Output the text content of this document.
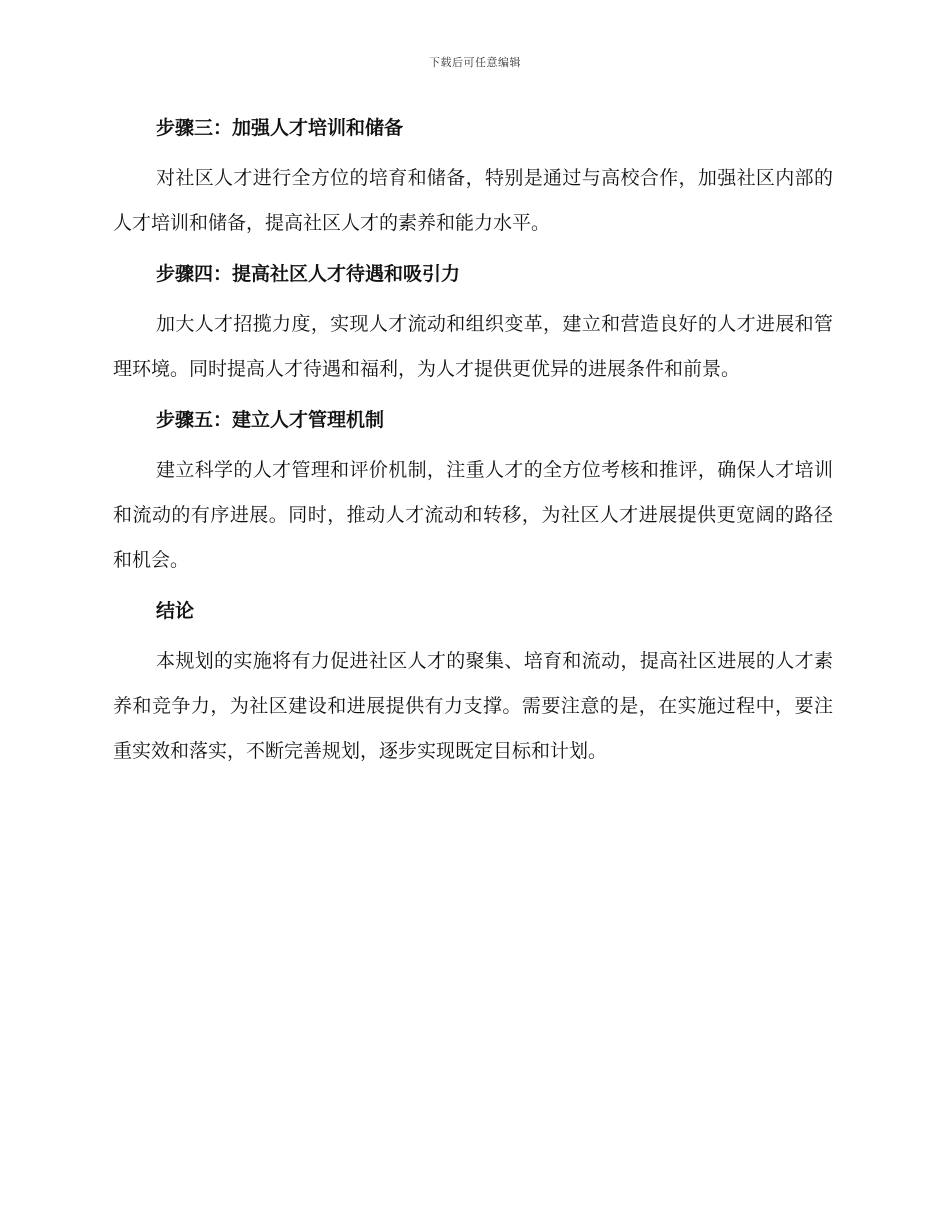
下载后可任意编辑
步骤三：加强人才培训和储备

对社区人才进行全方位的培育和储备，特别是通过与高校合作，加强社区内部的人才培训和储备，提高社区人才的素养和能力水平。

步骤四：提高社区人才待遇和吸引力

加大人才招揽力度，实现人才流动和组织变革，建立和营造良好的人才进展和管理环境。同时提高人才待遇和福利，为人才提供更优异的进展条件和前景。

步骤五：建立人才管理机制

建立科学的人才管理和评价机制，注重人才的全方位考核和推评，确保人才培训和流动的有序进展。同时，推动人才流动和转移，为社区人才进展提供更宽阔的路径和机会。

结论

本规划的实施将有力促进社区人才的聚集、培育和流动，提高社区进展的人才素养和竞争力，为社区建设和进展提供有力支撑。需要注意的是，在实施过程中，要注重实效和落实，不断完善规划，逐步实现既定目标和计划。
